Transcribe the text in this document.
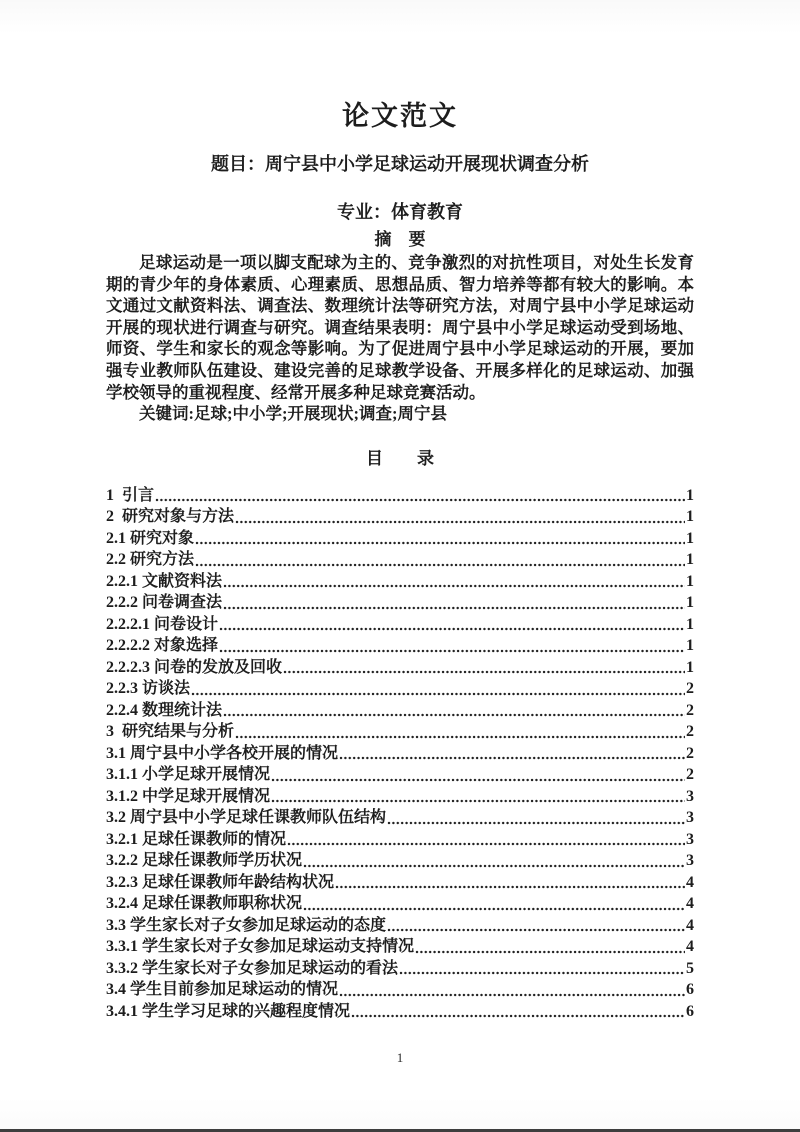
论文范文
题目：周宁县中小学足球运动开展现状调查分析
专业：体育教育
摘　要
足球运动是一项以脚支配球为主的、竞争激烈的对抗性项目，对处生长发育期的青少年的身体素质、心理素质、思想品质、智力培养等都有较大的影响。本文通过文献资料法、调查法、数理统计法等研究方法，对周宁县中小学足球运动开展的现状进行调查与研究。调查结果表明：周宁县中小学足球运动受到场地、师资、学生和家长的观念等影响。为了促进周宁县中小学足球运动的开展，要加强专业教师队伍建设、建设完善的足球教学设备、开展多样化的足球运动、加强学校领导的重视程度、经常开展多种足球竞赛活动。
关键词:足球;中小学;开展现状;调查;周宁县
目　　录
1  引言	1
2  研究对象与方法	1
2.1 研究对象	1
2.2 研究方法	1
2.2.1 文献资料法	1
2.2.2 问卷调查法	1
2.2.2.1 问卷设计	1
2.2.2.2 对象选择	1
2.2.2.3 问卷的发放及回收	1
2.2.3 访谈法	2
2.2.4 数理统计法	2
3  研究结果与分析	2
3.1 周宁县中小学各校开展的情况	2
3.1.1 小学足球开展情况	2
3.1.2 中学足球开展情况	3
3.2 周宁县中小学足球任课教师队伍结构	3
3.2.1 足球任课教师的情况	3
3.2.2 足球任课教师学历状况	3
3.2.3 足球任课教师年龄结构状况	4
3.2.4 足球任课教师职称状况	4
3.3 学生家长对子女参加足球运动的态度	4
3.3.1 学生家长对子女参加足球运动支持情况	4
3.3.2 学生家长对子女参加足球运动的看法	5
3.4 学生目前参加足球运动的情况	6
3.4.1 学生学习足球的兴趣程度情况	6
1
